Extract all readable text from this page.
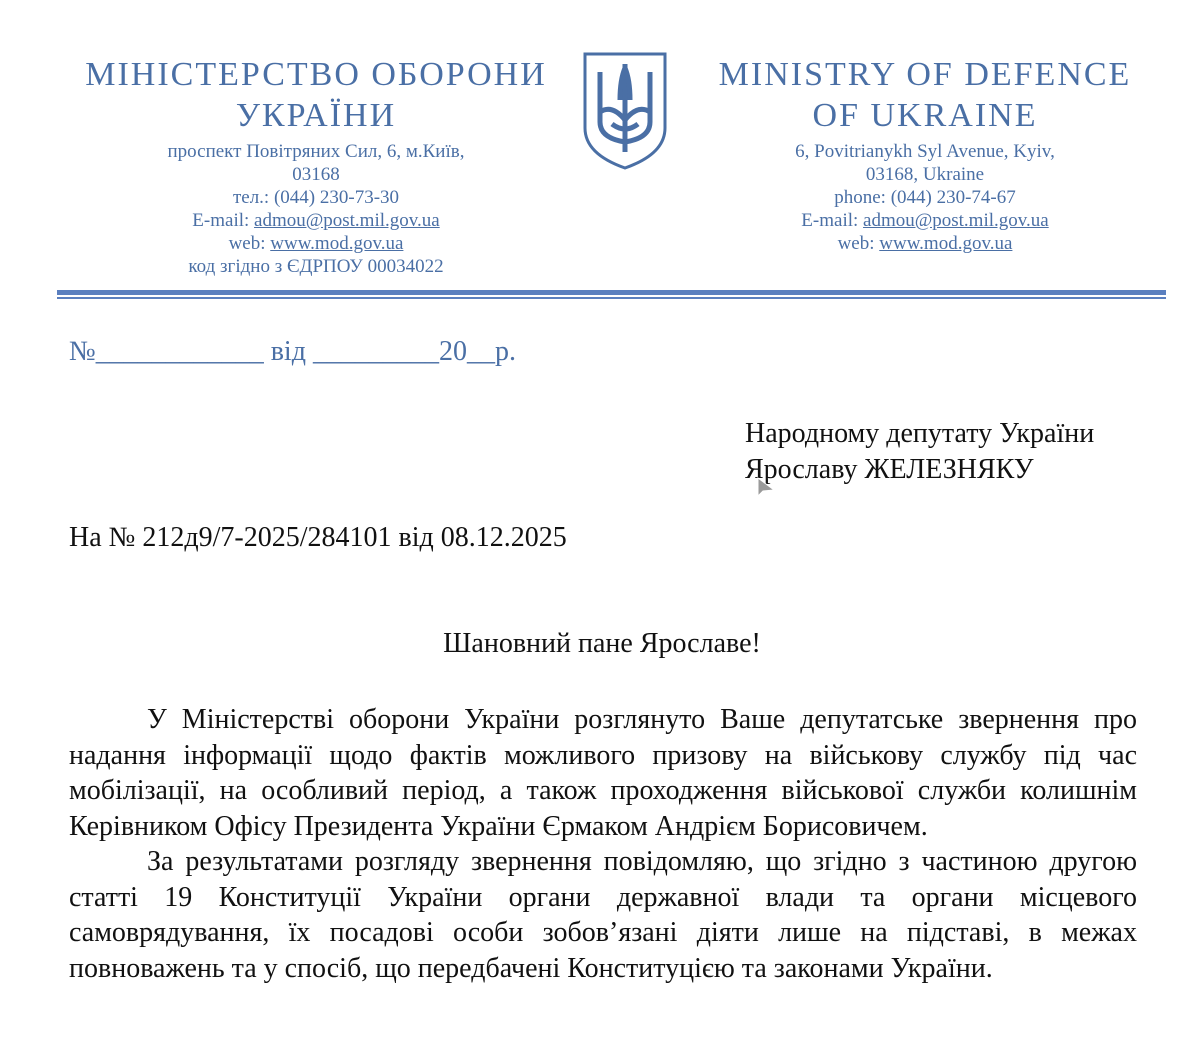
МІНІСТЕРСТВО ОБОРОНИ
УКРАЇНИ
проспект Повітряних Сил, 6, м.Київ,
03168
тел.: (044) 230-73-30
E-mail: admou@post.mil.gov.ua
web: www.mod.gov.ua
код згідно з ЄДРПОУ 00034022
MINISTRY OF DEFENCE
OF UKRAINE
6, Povitrianykh Syl Avenue, Kyiv,
03168, Ukraine
phone: (044) 230-74-67
E-mail: admou@post.mil.gov.ua
web: www.mod.gov.ua
№____________ від _________20__р.
Народному депутату України
Ярославу ЖЕЛЕЗНЯКУ
На № 212д9/7-2025/284101 від 08.12.2025
Шановний пане Ярославе!

У Міністерстві оборони України розглянуто Ваше депутатське звернення про надання інформації щодо фактів можливого призову на військову службу під час мобілізації, на особливий період, а також проходження військової служби колишнім Керівником Офісу Президента України Єрмаком Андрієм Борисовичем.

За результатами розгляду звернення повідомляю, що згідно з частиною другою статті 19 Конституції України органи державної влади та органи місцевого самоврядування, їх посадові особи зобов’язані діяти лише на підставі, в межах повноважень та у спосіб, що передбачені Конституцією та законами України.
